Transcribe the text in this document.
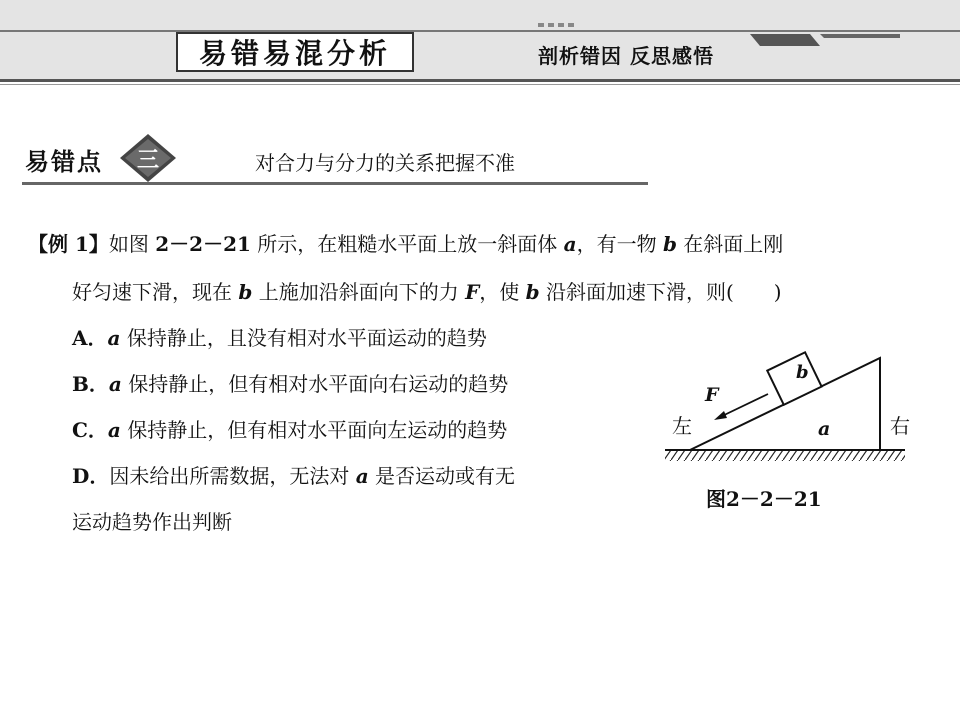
易错易混分析	剖析错因 反思感悟
易错点	三	对合力与分力的关系把握不准
【例 1】如图 2－2－21 所示，在粗糙水平面上放一斜面体 a，有一物 b 在斜面上刚
好匀速下滑，现在 b 上施加沿斜面向下的力 F，使 b 沿斜面加速下滑，则(　　)
A．a 保持静止，且没有相对水平面运动的趋势
B．a 保持静止，但有相对水平面向右运动的趋势
C．a 保持静止，但有相对水平面向左运动的趋势
D．因未给出所需数据，无法对 a 是否运动或有无
运动趋势作出判断
F
b
a
左	右
图2－2－21
